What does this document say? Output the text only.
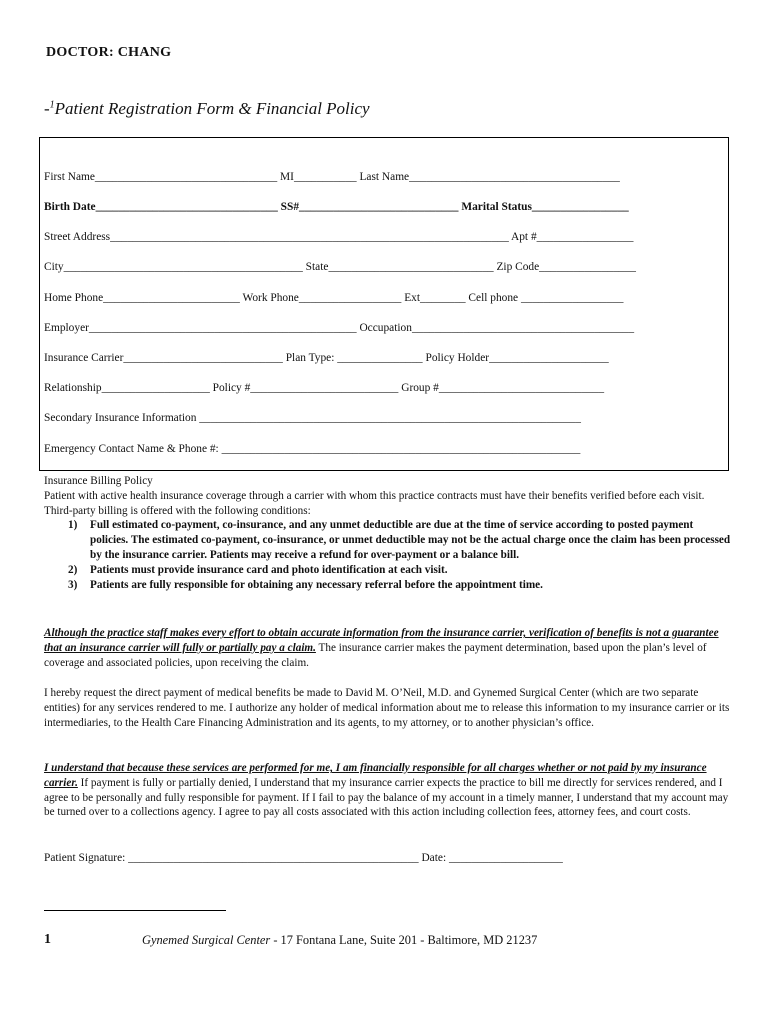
DOCTOR: CHANG
-$^1$Patient Registration Form & Financial Policy
First Name________________________________ MI___________ Last Name_____________________________________
Birth Date________________________________ SS#____________________________ Marital Status_________________
Street Address______________________________________________________________________ Apt #_________________
City__________________________________________ State_____________________________ Zip Code_________________
Home Phone________________________ Work Phone__________________ Ext________ Cell phone __________________
Employer_______________________________________________ Occupation_______________________________________
Insurance Carrier____________________________ Plan Type: _______________ Policy Holder_____________________
Relationship___________________ Policy #__________________________ Group #_____________________________
Secondary Insurance Information ___________________________________________________________________
Emergency Contact Name & Phone #: _______________________________________________________________

Insurance Billing Policy

Patient with active health insurance coverage through a carrier with whom this practice contracts must have their benefits verified before each visit. Third-party billing is offered with the following conditions:

1) Full estimated co-payment, co-insurance, and any unmet deductible are due at the time of service according to posted payment policies. The estimated co-payment, co-insurance, or unmet deductible may not be the actual charge once the claim has been processed by the insurance carrier. Patients may receive a refund for over-payment or a balance bill.
2) Patients must provide insurance card and photo identification at each visit.
3) Patients are fully responsible for obtaining any necessary referral before the appointment time.

Although the practice staff makes every effort to obtain accurate information from the insurance carrier, verification of benefits is not a guarantee that an insurance carrier will fully or partially pay a claim. The insurance carrier makes the payment determination, based upon the plan’s level of coverage and associated policies, upon receiving the claim.

I hereby request the direct payment of medical benefits be made to David M. O’Neil, M.D. and Gynemed Surgical Center (which are two separate entities) for any services rendered to me. I authorize any holder of medical information about me to release this information to my insurance carrier or its intermediaries, to the Health Care Financing Administration and its agents, to my attorney, or to another physician’s office.

I understand that because these services are performed for me, I am financially responsible for all charges whether or not paid by my insurance carrier. If payment is fully or partially denied, I understand that my insurance carrier expects the practice to bill me directly for services rendered, and I agree to be personally and fully responsible for payment. If I fail to pay the balance of my account in a timely manner, I understand that my account may be turned over to a collections agency. I agree to pay all costs associated with this action including collection fees, attorney fees, and court costs.

Patient Signature: ___________________________________________________ Date: ____________________
1	Gynemed Surgical Center - 17 Fontana Lane, Suite 201 - Baltimore, MD 21237
